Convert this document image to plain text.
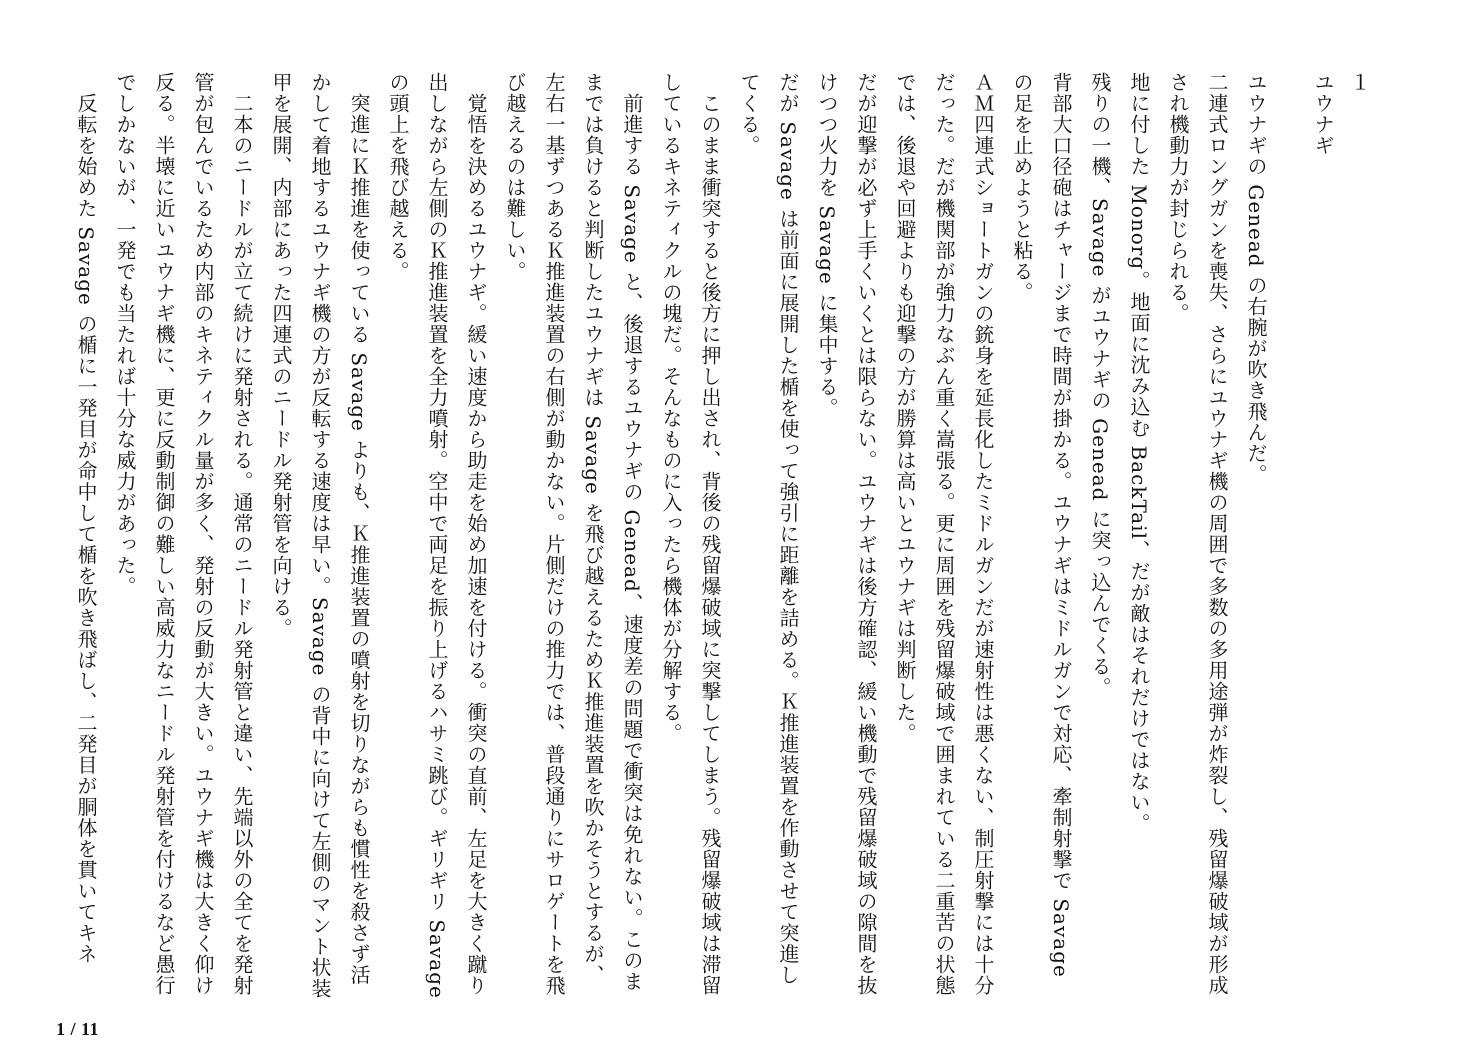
１
ユウナギ

ユウナギの Genead の右腕が吹き飛んだ。

二連式ロングガンを喪失、さらにユウナギ機の周囲で多数の多用途弾が炸裂し、残留爆破域が形成され機動力が封じられる。

地に付した Monorg。地面に沈み込む BackTail、だが敵はそれだけではない。

残りの一機、Savage がユウナギの Genead に突っ込んでくる。

背部大口径砲はチャージまで時間が掛かる。ユウナギはミドルガンで対応、牽制射撃で Savage の足を止めようと粘る。

ＡＭ四連式ショートガンの銃身を延長化したミドルガンだが速射性は悪くない、制圧射撃には十分だった。だが機関部が強力なぶん重く嵩張る。更に周囲を残留爆破域で囲まれている二重苦の状態では、後退や回避よりも迎撃の方が勝算は高いとユウナギは判断した。

だが迎撃が必ず上手くいくとは限らない。ユウナギは後方確認、緩い機動で残留爆破域の隙間を抜けつつ火力を Savage に集中する。

だが Savage は前面に展開した楯を使って強引に距離を詰める。Ｋ推進装置を作動させて突進してくる。

　このまま衝突すると後方に押し出され、背後の残留爆破域に突撃してしまう。残留爆破域は滞留しているキネティクルの塊だ。そんなものに入ったら機体が分解する。

　前進する Savage と、後退するユウナギの Genead、速度差の問題で衝突は免れない。このままでは負けると判断したユウナギは Savage を飛び越えるためＫ推進装置を吹かそうとするが、左右一基ずつあるＫ推進装置の右側が動かない。片側だけの推力では、普段通りにサロゲートを飛び越えるのは難しい。

　覚悟を決めるユウナギ。緩い速度から助走を始め加速を付ける。衝突の直前、左足を大きく蹴り出しながら左側のＫ推進装置を全力噴射。空中で両足を振り上げるハサミ跳び。ギリギリ Savage の頭上を飛び越える。

　突進にＫ推進を使っている Savage よりも、Ｋ推進装置の噴射を切りながらも慣性を殺さず活かして着地するユウナギ機の方が反転する速度は早い。Savage の背中に向けて左側のマント状装甲を展開、内部にあった四連式のニードル発射管を向ける。

　二本のニードルが立て続けに発射される。通常のニードル発射管と違い、先端以外の全てを発射管が包んでいるため内部のキネティクル量が多く、発射の反動が大きい。ユウナギ機は大きく仰け反る。半壊に近いユウナギ機に、更に反動制御の難しい高威力なニードル発射管を付けるなど愚行でしかないが、一発でも当たれば十分な威力があった。

　反転を始めた Savage の楯に一発目が命中して楯を吹き飛ばし、二発目が胴体を貫いてキネ

1 / 11
